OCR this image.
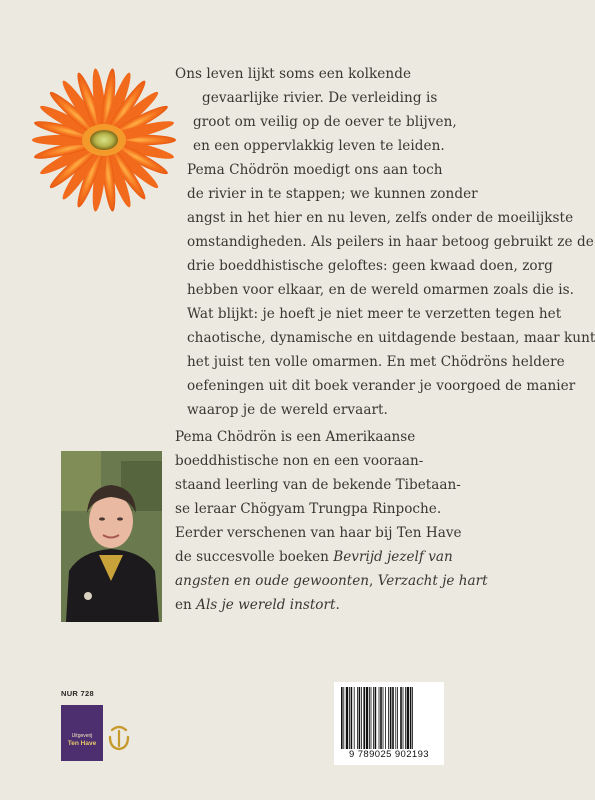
Ons leven lijkt soms een kolkende
gevaarlijke rivier. De verleiding is
groot om veilig op de oever te blijven,
en een oppervlakkig leven te leiden.
Pema Chödrön moedigt ons aan toch
de rivier in te stappen; we kunnen zonder
angst in het hier en nu leven, zelfs onder de moeilijkste
omstandigheden. Als peilers in haar betoog gebruikt ze de
drie boeddhistische geloftes: geen kwaad doen, zorg
hebben voor elkaar, en de wereld omarmen zoals die is.
Wat blijkt: je hoeft je niet meer te verzetten tegen het
chaotische, dynamische en uitdagende bestaan, maar kunt
het juist ten volle omarmen. En met Chödröns heldere
oefeningen uit dit boek verander je voorgoed de manier
waarop je de wereld ervaart.
Pema Chödrön is een Amerikaanse
boeddhistische non en een vooraan-
staand leerling van de bekende Tibetaan-
se leraar Chögyam Trungpa Rinpoche.
Eerder verschenen van haar bij Ten Have
de succesvolle boeken Bevrijd jezelf van
angsten en oude gewoonten, Verzacht je hart
en Als je wereld instort.
NUR 728
Uitgeverij
Ten Have
9 789025 902193
